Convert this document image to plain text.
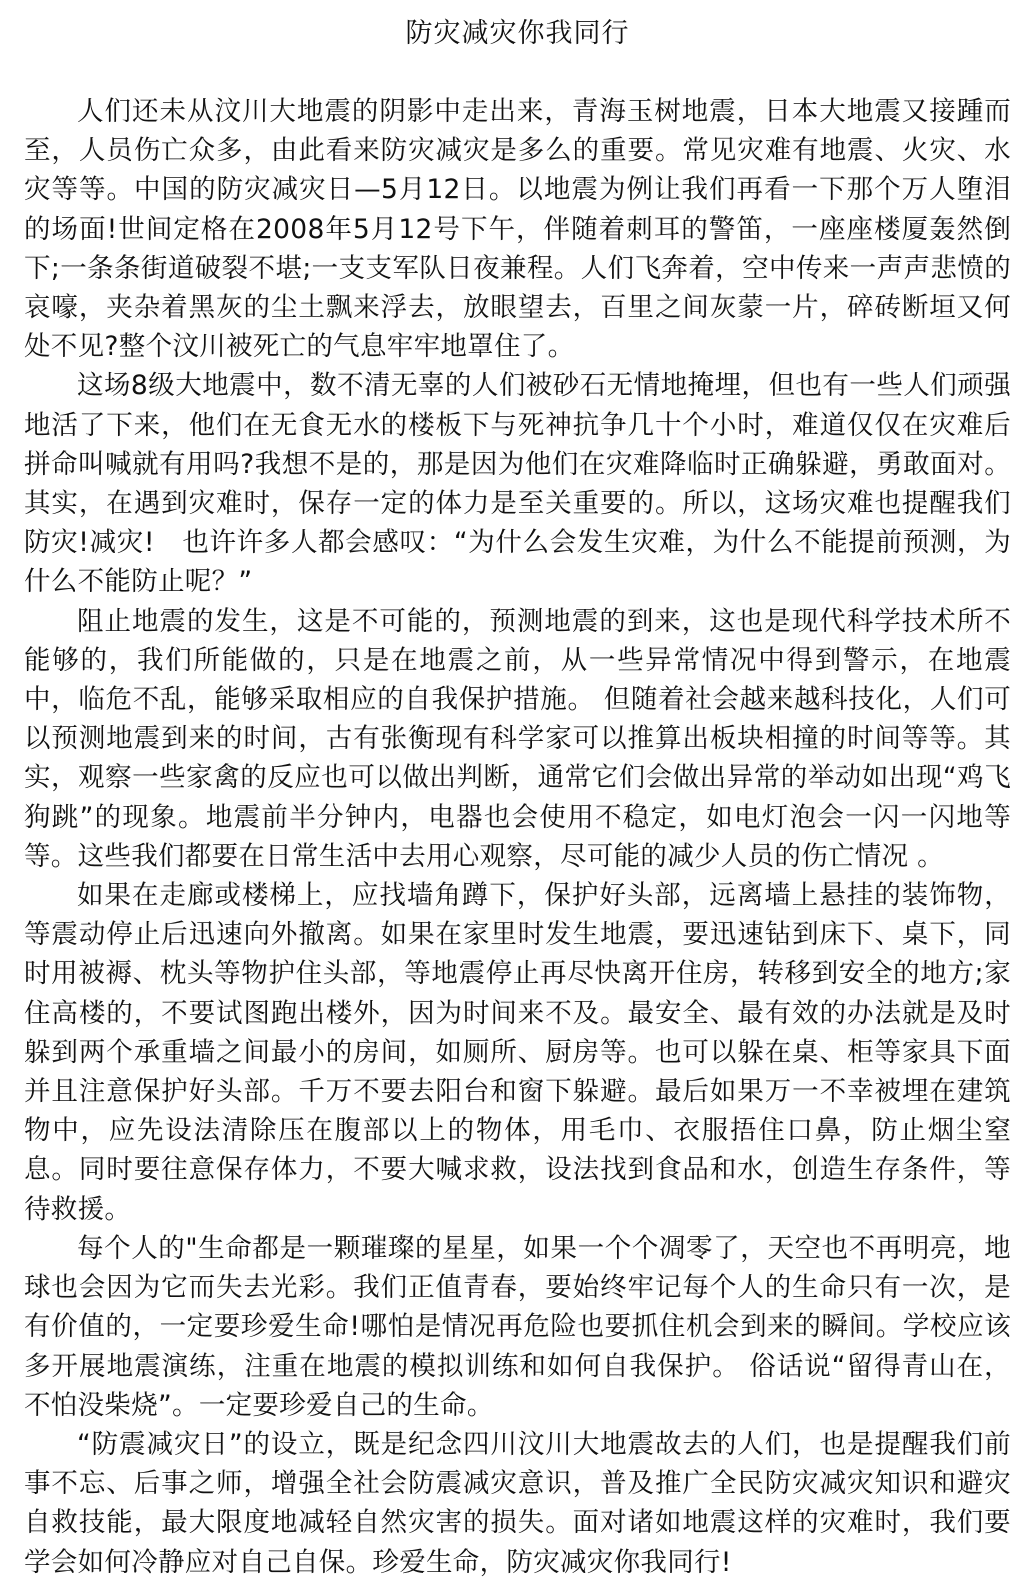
防灾减灾你我同行

人们还未从汶川大地震的阴影中走出来，青海玉树地震，日本大地震又接踵而至，人员伤亡众多，由此看来防灾减灾是多么的重要。常见灾难有地震、火灾、水灾等等。中国的防灾减灾日—5月12日。以地震为例让我们再看一下那个万人堕泪的场面!世间定格在2008年5月12号下午，伴随着刺耳的警笛，一座座楼厦轰然倒下;一条条街道破裂不堪;一支支军队日夜兼程。人们飞奔着，空中传来一声声悲愤的哀嚎，夹杂着黑灰的尘土飘来浮去，放眼望去，百里之间灰蒙一片，碎砖断垣又何处不见?整个汶川被死亡的气息牢牢地罩住了。

这场8级大地震中，数不清无辜的人们被砂石无情地掩埋，但也有一些人们顽强地活了下来，他们在无食无水的楼板下与死神抗争几十个小时，难道仅仅在灾难后拼命叫喊就有用吗?我想不是的，那是因为他们在灾难降临时正确躲避，勇敢面对。其实，在遇到灾难时，保存一定的体力是至关重要的。所以，这场灾难也提醒我们防灾!减灾!　也许许多人都会感叹：“为什么会发生灾难，为什么不能提前预测，为什么不能防止呢？”

阻止地震的发生，这是不可能的，预测地震的到来，这也是现代科学技术所不能够的，我们所能做的，只是在地震之前，从一些异常情况中得到警示，在地震中，临危不乱，能够采取相应的自我保护措施。 但随着社会越来越科技化，人们可以预测地震到来的时间，古有张衡现有科学家可以推算出板块相撞的时间等等。其实，观察一些家禽的反应也可以做出判断，通常它们会做出异常的举动如出现“鸡飞狗跳”的现象。地震前半分钟内，电器也会使用不稳定，如电灯泡会一闪一闪地等等。这些我们都要在日常生活中去用心观察，尽可能的减少人员的伤亡情况 。

如果在走廊或楼梯上，应找墙角蹲下，保护好头部，远离墙上悬挂的装饰物，等震动停止后迅速向外撤离。如果在家里时发生地震，要迅速钻到床下、桌下，同时用被褥、枕头等物护住头部，等地震停止再尽快离开住房，转移到安全的地方;家住高楼的，不要试图跑出楼外，因为时间来不及。最安全、最有效的办法就是及时躲到两个承重墙之间最小的房间，如厕所、厨房等。也可以躲在桌、柜等家具下面并且注意保护好头部。千万不要去阳台和窗下躲避。最后如果万一不幸被埋在建筑物中，应先设法清除压在腹部以上的物体，用毛巾、衣服捂住口鼻，防止烟尘窒息。同时要往意保存体力，不要大喊求救，设法找到食品和水，创造生存条件，等待救援。

每个人的"生命都是一颗璀璨的星星，如果一个个凋零了，天空也不再明亮，地球也会因为它而失去光彩。我们正值青春，要始终牢记每个人的生命只有一次，是有价值的，一定要珍爱生命!哪怕是情况再危险也要抓住机会到来的瞬间。学校应该多开展地震演练，注重在地震的模拟训练和如何自我保护。 俗话说“留得青山在，不怕没柴烧”。一定要珍爱自己的生命。

“防震减灾日”的设立，既是纪念四川汶川大地震故去的人们，也是提醒我们前事不忘、后事之师，增强全社会防震减灾意识，普及推广全民防灾减灾知识和避灾自救技能，最大限度地减轻自然灾害的损失。面对诸如地震这样的灾难时，我们要学会如何冷静应对自己自保。珍爱生命，防灾减灾你我同行!
